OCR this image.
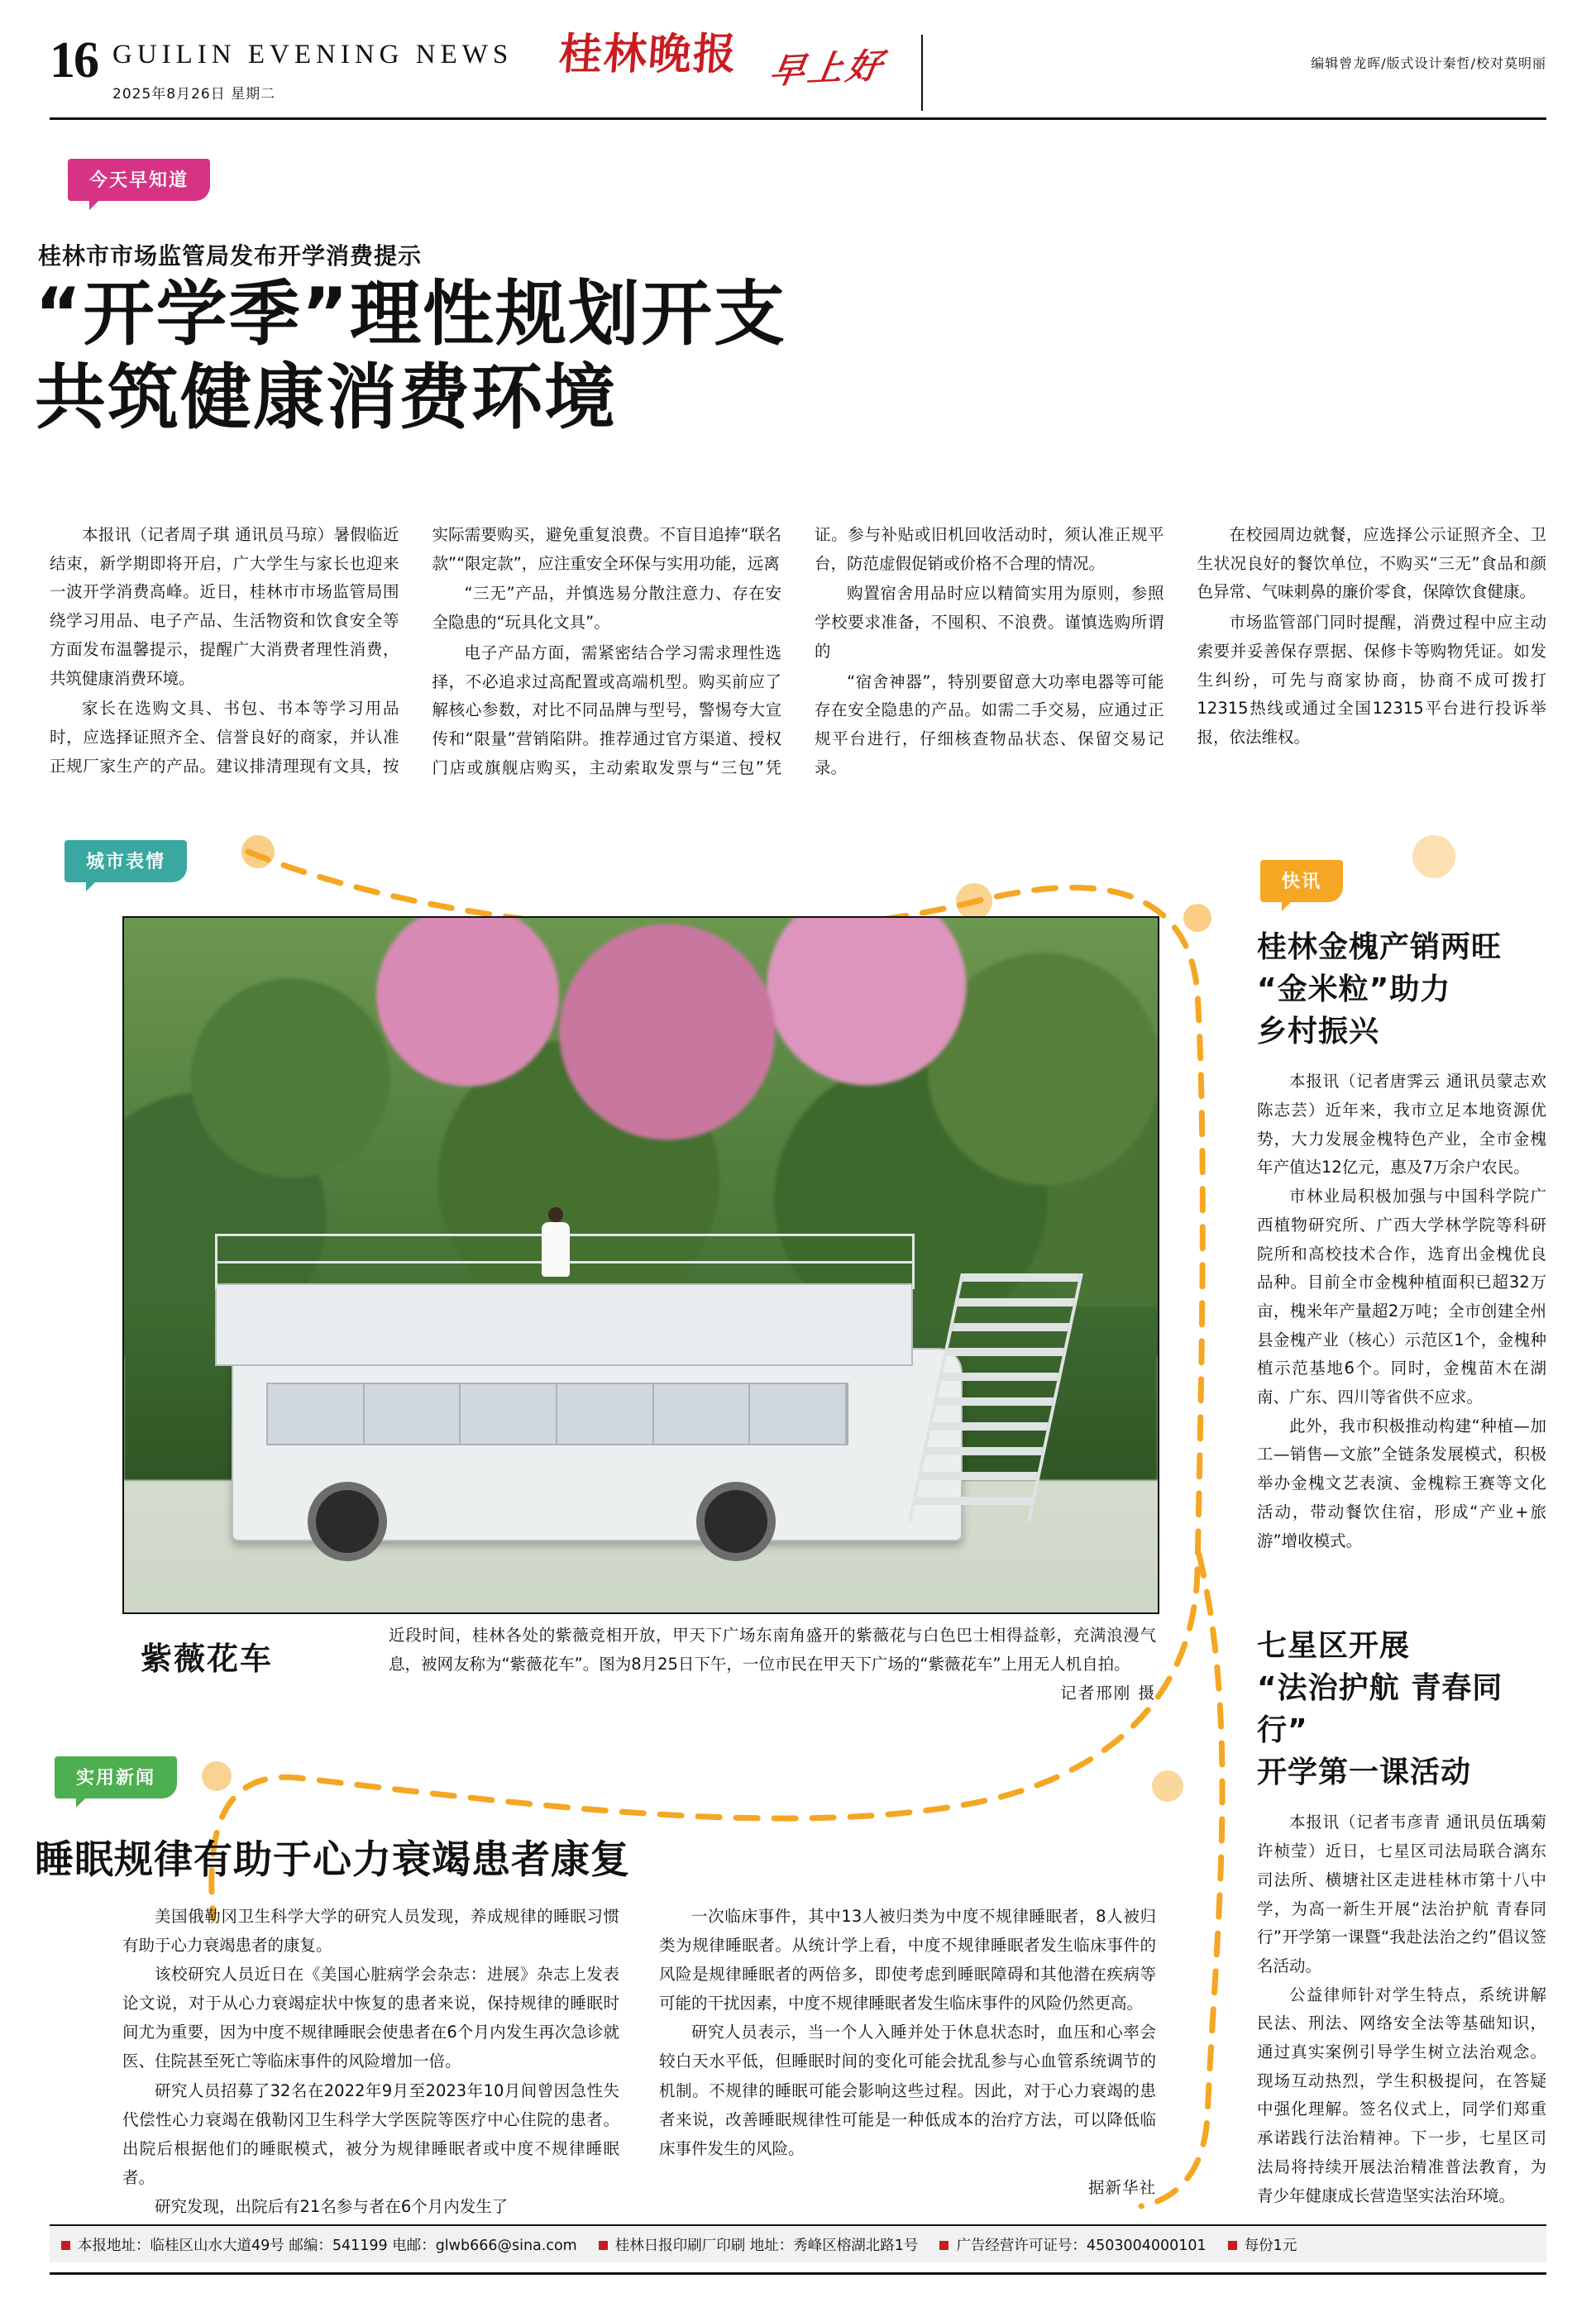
16 GUILIN EVENING NEWS
2025年8月26日 星期二
桂林晚报 早上好	编辑曾龙晖/版式设计秦哲/校对莫明丽
今天早知道
城市表情
实用新闻
快讯
桂林市市场监管局发布开学消费提示
“开学季”理性规划开支
共筑健康消费环境

本报讯（记者周子琪 通讯员马琼）暑假临近结束，新学期即将开启，广大学生与家长也迎来一波开学消费高峰。近日，桂林市市场监管局围绕学习用品、电子产品、生活物资和饮食安全等方面发布温馨提示，提醒广大消费者理性消费，共筑健康消费环境。

家长在选购文具、书包、书本等学习用品时，应选择证照齐全、信誉良好的商家，并认准正规厂家生产的产品。建议排清理现有文具，按实际需要购买，避免重复浪费。不盲目追捧“联名款”“限定款”，应注重安全环保与实用功能，远离

“三无”产品，并慎选易分散注意力、存在安全隐患的“玩具化文具”。

电子产品方面，需紧密结合学习需求理性选择，不必追求过高配置或高端机型。购买前应了解核心参数，对比不同品牌与型号，警惕夸大宣传和“限量”营销陷阱。推荐通过官方渠道、授权门店或旗舰店购买，主动索取发票与“三包”凭证。参与补贴或旧机回收活动时，须认准正规平台，防范虚假促销或价格不合理的情况。

购置宿舍用品时应以精简实用为原则，参照学校要求准备，不囤积、不浪费。谨慎选购所谓的

“宿舍神器”，特别要留意大功率电器等可能存在安全隐患的产品。如需二手交易，应通过正规平台进行，仔细核查物品状态、保留交易记录。

在校园周边就餐，应选择公示证照齐全、卫生状况良好的餐饮单位，不购买“三无”食品和颜色异常、气味刺鼻的廉价零食，保障饮食健康。

市场监管部门同时提醒，消费过程中应主动索要并妥善保存票据、保修卡等购物凭证。如发生纠纷，可先与商家协商，协商不成可拨打12315热线或通过全国12315平台进行投诉举报，依法维权。

紫薇花车
近段时间，桂林各处的紫薇竞相开放，甲天下广场东南角盛开的紫薇花与白色巴士相得益彰，充满浪漫气息，被网友称为“紫薇花车”。图为8月25日下午，一位市民在甲天下广场的“紫薇花车”上用无人机自拍。
记者邢刚 摄
睡眠规律有助于心力衰竭患者康复

美国俄勒冈卫生科学大学的研究人员发现，养成规律的睡眠习惯有助于心力衰竭患者的康复。

该校研究人员近日在《美国心脏病学会杂志：进展》杂志上发表论文说，对于从心力衰竭症状中恢复的患者来说，保持规律的睡眠时间尤为重要，因为中度不规律睡眠会使患者在6个月内发生再次急诊就医、住院甚至死亡等临床事件的风险增加一倍。

研究人员招募了32名在2022年9月至2023年10月间曾因急性失代偿性心力衰竭在俄勒冈卫生科学大学医院等医疗中心住院的患者。出院后根据他们的睡眠模式，被分为规律睡眠者或中度不规律睡眠者。

研究发现，出院后有21名参与者在6个月内发生了

一次临床事件，其中13人被归类为中度不规律睡眠者，8人被归类为规律睡眠者。从统计学上看，中度不规律睡眠者发生临床事件的风险是规律睡眠者的两倍多，即使考虑到睡眠障碍和其他潜在疾病等可能的干扰因素，中度不规律睡眠者发生临床事件的风险仍然更高。

研究人员表示，当一个人入睡并处于休息状态时，血压和心率会较白天水平低，但睡眠时间的变化可能会扰乱参与心血管系统调节的机制。不规律的睡眠可能会影响这些过程。因此，对于心力衰竭的患者来说，改善睡眠规律性可能是一种低成本的治疗方法，可以降低临床事件发生的风险。

据新华社
桂林金槐产销两旺
“金米粒”助力
乡村振兴

本报讯（记者唐霁云 通讯员蒙志欢 陈志芸）近年来，我市立足本地资源优势，大力发展金槐特色产业，全市金槐年产值达12亿元，惠及7万余户农民。

市林业局积极加强与中国科学院广西植物研究所、广西大学林学院等科研院所和高校技术合作，选育出金槐优良品种。目前全市金槐种植面积已超32万亩，槐米年产量超2万吨；全市创建全州县金槐产业（核心）示范区1个，金槐种植示范基地6个。同时，金槐苗木在湖南、广东、四川等省供不应求。

此外，我市积极推动构建“种植—加工—销售—文旅”全链条发展模式，积极举办金槐文艺表演、金槐粽王赛等文化活动，带动餐饮住宿，形成“产业+旅游”增收模式。

七星区开展
“法治护航 青春同行”
开学第一课活动

本报讯（记者韦彦青 通讯员伍瑀菊 许桢莹）近日，七星区司法局联合漓东司法所、横塘社区走进桂林市第十八中学，为高一新生开展“法治护航 青春同行”开学第一课暨“我赴法治之约”倡议签名活动。

公益律师针对学生特点，系统讲解民法、刑法、网络安全法等基础知识，通过真实案例引导学生树立法治观念。现场互动热烈，学生积极提问，在答疑中强化理解。签名仪式上，同学们郑重承诺践行法治精神。下一步，七星区司法局将持续开展法治精准普法教育，为青少年健康成长营造坚实法治环境。

本报地址：临桂区山水大道49号 邮编：541199 电邮：glwb666@sina.com	桂林日报印刷厂印刷 地址：秀峰区榕湖北路1号	广告经营许可证号：4503004000101	每份1元
